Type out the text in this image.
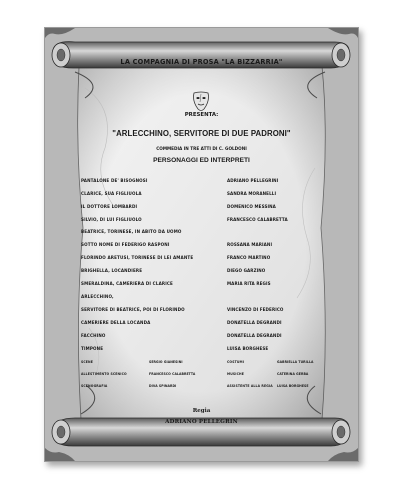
LA COMPAGNIA DI PROSA "LA BIZZARRIA"
PRESENTA:
"ARLECCHINO, SERVITORE DI DUE PADRONI"
COMMEDIA IN TRE ATTI DI C. GOLDONI
PERSONAGGI ED INTERPRETI
PANTALONE DE' BISOGNOSI	ADRIANO PELLEGRINI
CLARICE, SUA FIGLIUOLA	SANDRA MORANELLI
IL DOTTORE LOMBARDI	DOMENICO MESSINA
SILVIO, DI LUI FIGLIUOLO	FRANCESCO CALABRETTA
BEATRICE, TORINESE, IN ABITO DA UOMO
SOTTO NOME DI FEDERIGO RASPONI	ROSSANA MARIANI
FLORINDO ARETUSI, TORINESE DI LEI AMANTE	FRANCO MARTINO
BRIGHELLA, LOCANDIERE	DIEGO GARZINO
SMERALDINA, CAMERIERA DI CLARICE	MARIA RITA REGIS
ARLECCHINO,
SERVITORE DI BEATRICE, POI DI FLORINDO	VINCENZO DI FEDERICO
CAMERIERE DELLA LOCANDA	DONATELLA DEGRANDI
FACCHINO	DONATELLA DEGRANDI
TIMPONE	LUISA BORGHESE
SCENE	SERGIO GIANESINI	COSTUMI	GABRIELLA TURILLA
ALLESTIMENTO SCENICO	FRANCESCO CALABRETTA	MUSICHE	CATERINA GERBA
SCENOGRAFIA	DIVA SPINARDI	ASSISTENTE ALLA REGIA LUISA BORGHESE
Regia
ADRIANO PELLEGRIN
